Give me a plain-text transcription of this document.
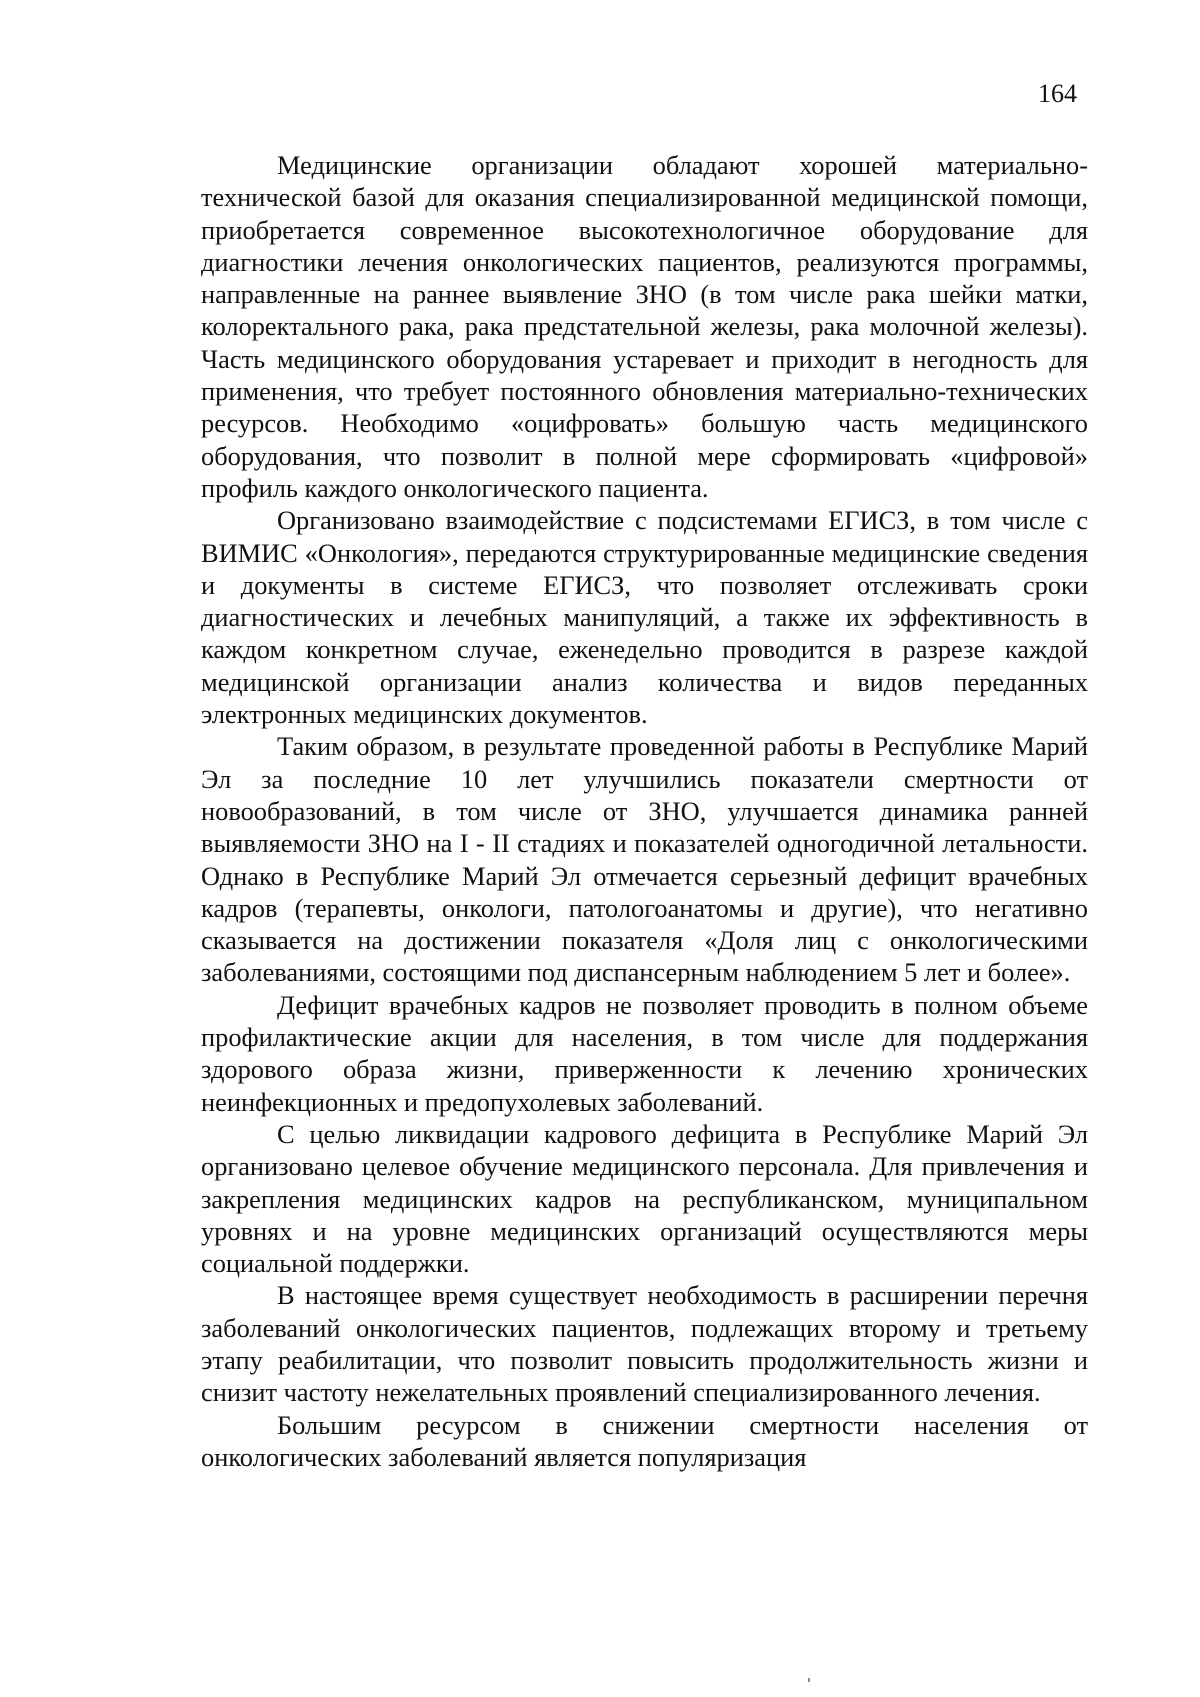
164

Медицинские организации обладают хорошей материально-технической базой для оказания специализированной медицинской помощи, приобретается современное высокотехнологичное оборудование для диагностики лечения онкологических пациентов, реализуются программы, направленные на раннее выявление ЗНО (в том числе рака шейки матки, колоректального рака, рака предстательной железы, рака молочной железы). Часть медицинского оборудования устаревает и приходит в негодность для применения, что требует постоянного обновления материально-технических ресурсов. Необходимо «оцифровать» большую часть медицинского оборудования, что позволит в полной мере сформировать «цифровой» профиль каждого онкологического пациента.

Организовано взаимодействие с подсистемами ЕГИСЗ, в том числе с ВИМИС «Онкология», передаются структурированные медицинские сведения и документы в системе ЕГИСЗ, что позволяет отслеживать сроки диагностических и лечебных манипуляций, а также их эффективность в каждом конкретном случае, еженедельно проводится в разрезе каждой медицинской организации анализ количества и видов переданных электронных медицинских документов.

Таким образом, в результате проведенной работы в Республике Марий Эл за последние 10 лет улучшились показатели смертности от новообразований, в том числе от ЗНО, улучшается динамика ранней выявляемости ЗНО на I - II стадиях и показателей одногодичной летальности. Однако в Республике Марий Эл отмечается серьезный дефицит врачебных кадров (терапевты, онкологи, патологоанатомы и другие), что негативно сказывается на достижении показателя «Доля лиц с онкологическими заболеваниями, состоящими под диспансерным наблюдением 5 лет и более».

Дефицит врачебных кадров не позволяет проводить в полном объеме профилактические акции для населения, в том числе для поддержания здорового образа жизни, приверженности к лечению хронических неинфекционных и предопухолевых заболеваний.

С целью ликвидации кадрового дефицита в Республике Марий Эл организовано целевое обучение медицинского персонала. Для привлечения и закрепления медицинских кадров на республиканском, муниципальном уровнях и на уровне медицинских организаций осуществляются меры социальной поддержки.

В настоящее время существует необходимость в расширении перечня заболеваний онкологических пациентов, подлежащих второму и третьему этапу реабилитации, что позволит повысить продолжительность жизни и снизит частоту нежелательных проявлений специализированного лечения.

Большим ресурсом в снижении смертности населения от онкологических заболеваний является популяризация
